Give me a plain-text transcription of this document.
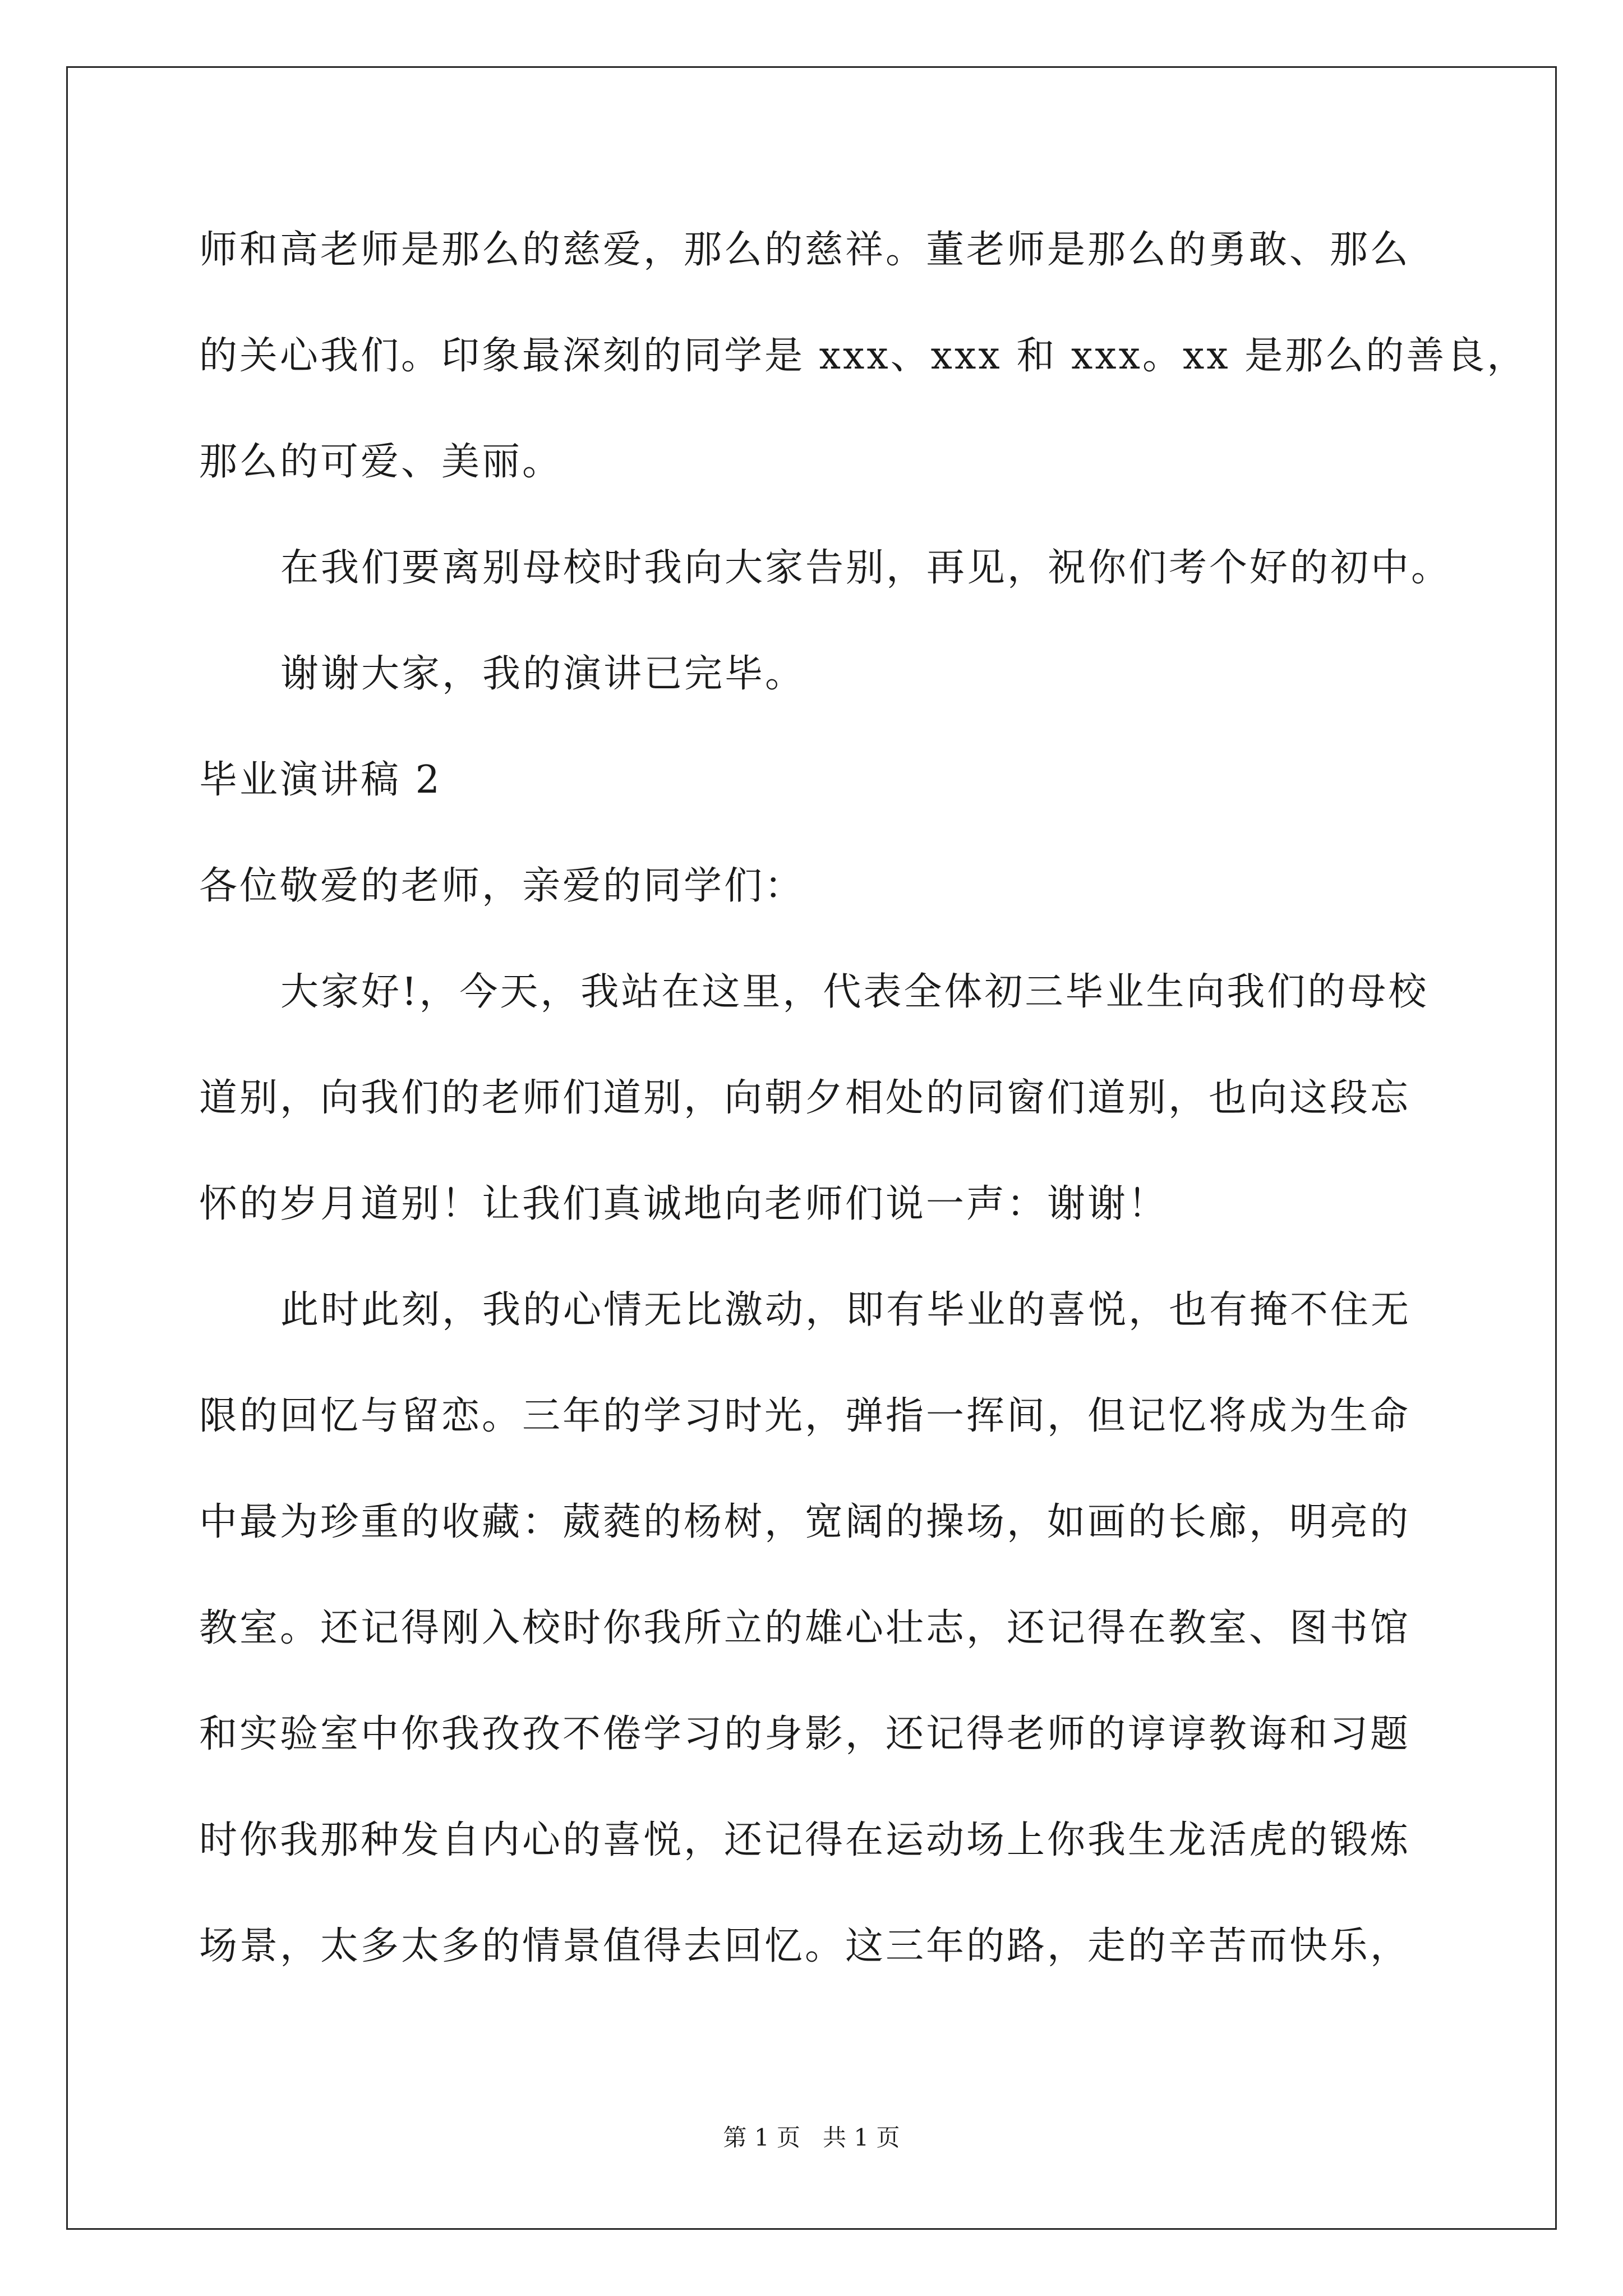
师和高老师是那么的慈爱，那么的慈祥。董老师是那么的勇敢、那么
的关心我们。印象最深刻的同学是 xxx、xxx 和 xxx。xx 是那么的善良，
那么的可爱、美丽。
在我们要离别母校时我向大家告别，再见，祝你们考个好的初中。
谢谢大家，我的演讲已完毕。
毕业演讲稿 2
各位敬爱的老师，亲爱的同学们：
大家好!，今天，我站在这里，代表全体初三毕业生向我们的母校
道别，向我们的老师们道别，向朝夕相处的同窗们道别，也向这段忘
怀的岁月道别！让我们真诚地向老师们说一声：谢谢！
此时此刻，我的心情无比激动，即有毕业的喜悦，也有掩不住无
限的回忆与留恋。三年的学习时光，弹指一挥间，但记忆将成为生命
中最为珍重的收藏：葳蕤的杨树，宽阔的操场，如画的长廊，明亮的
教室。还记得刚入校时你我所立的雄心壮志，还记得在教室、图书馆
和实验室中你我孜孜不倦学习的身影，还记得老师的谆谆教诲和习题
时你我那种发自内心的喜悦，还记得在运动场上你我生龙活虎的锻炼
场景，太多太多的情景值得去回忆。这三年的路，走的辛苦而快乐，
第 1 页   共 1 页
